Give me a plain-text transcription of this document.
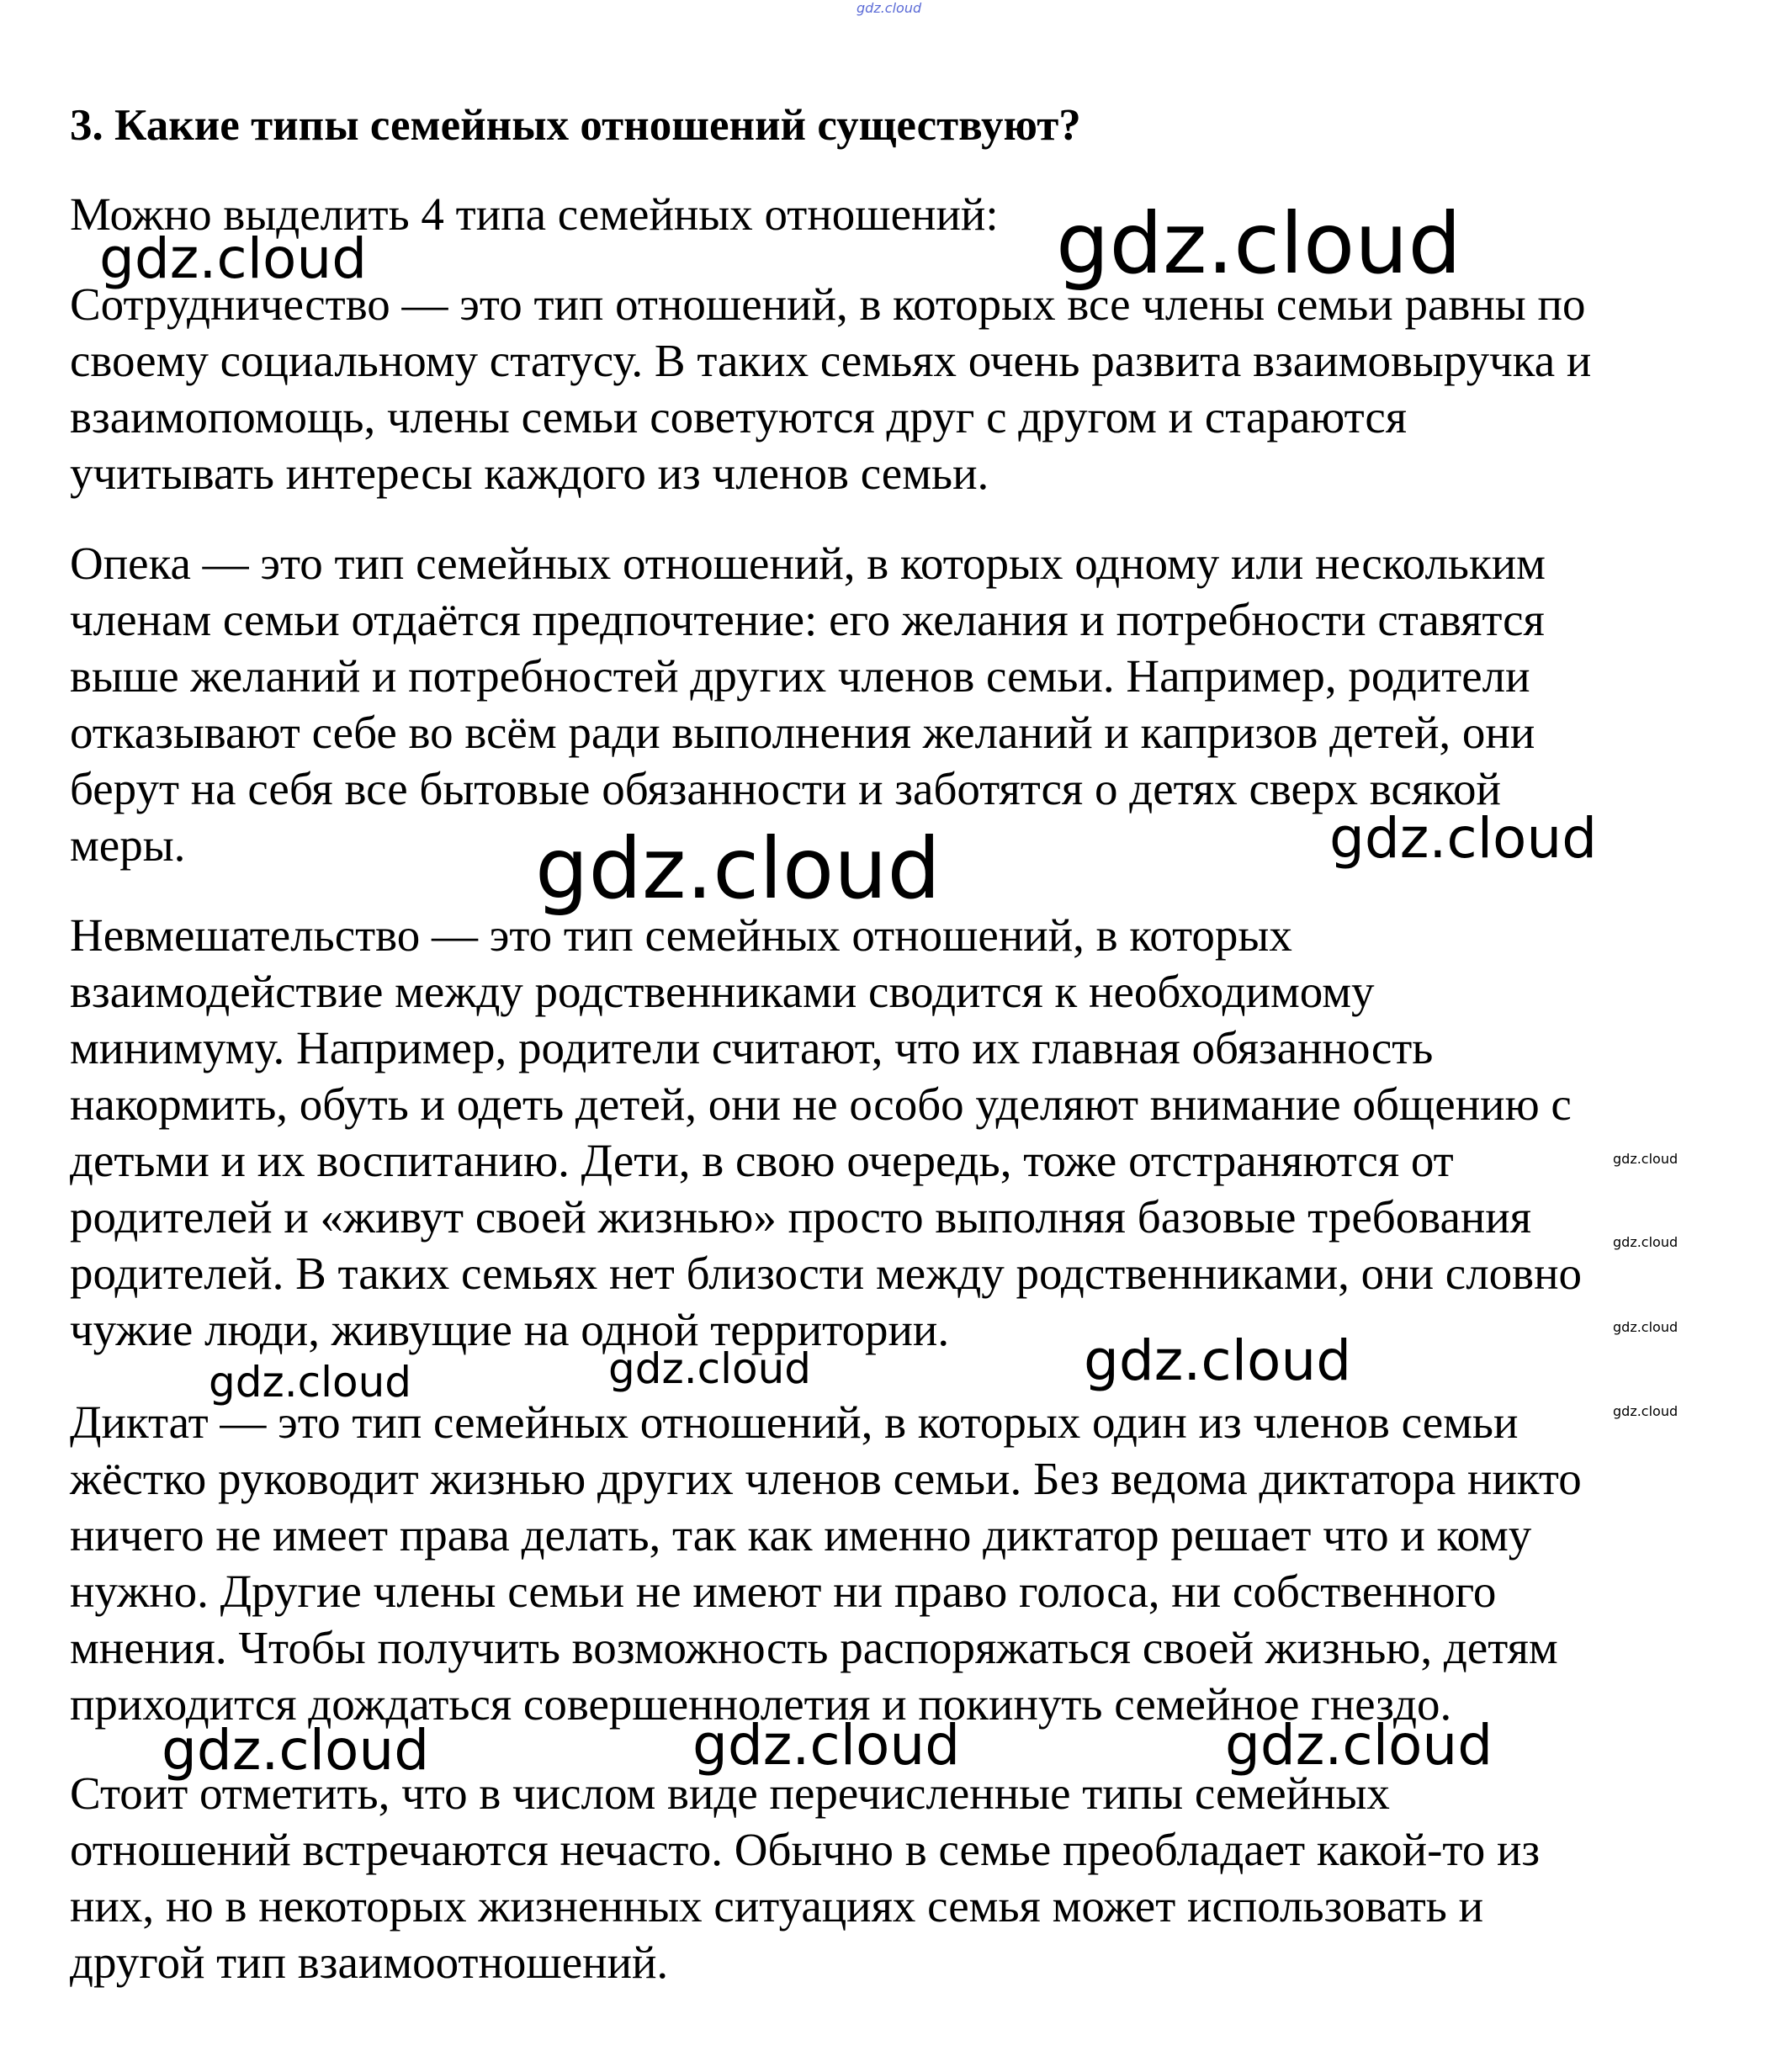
gdz.cloud
3. Какие типы семейных отношений существуют?

Можно выделить 4 типа семейных отношений:

Сотрудничество — это тип отношений, в которых все члены семьи равны по
своему социальному статусу. В таких семьях очень развита взаимовыручка и
взаимопомощь, члены семьи советуются друг с другом и стараются
учитывать интересы каждого из членов семьи.

Опека — это тип семейных отношений, в которых одному или нескольким
членам семьи отдаётся предпочтение: его желания и потребности ставятся
выше желаний и потребностей других членов семьи. Например, родители
отказывают себе во всём ради выполнения желаний и капризов детей, они
берут на себя все бытовые обязанности и заботятся о детях сверх всякой
меры.

Невмешательство — это тип семейных отношений, в которых
взаимодействие между родственниками сводится к необходимому
минимуму. Например, родители считают, что их главная обязанность
накормить, обуть и одеть детей, они не особо уделяют внимание общению с
детьми и их воспитанию. Дети, в свою очередь, тоже отстраняются от
родителей и «живут своей жизнью» просто выполняя базовые требования
родителей. В таких семьях нет близости между родственниками, они словно
чужие люди, живущие на одной территории.

Диктат — это тип семейных отношений, в которых один из членов семьи
жёстко руководит жизнью других членов семьи. Без ведома диктатора никто
ничего не имеет права делать, так как именно диктатор решает что и кому
нужно. Другие члены семьи не имеют ни право голоса, ни собственного
мнения. Чтобы получить возможность распоряжаться своей жизнью, детям
приходится дождаться совершеннолетия и покинуть семейное гнездо.

Стоит отметить, что в числом виде перечисленные типы семейных
отношений встречаются нечасто. Обычно в семье преобладает какой-то из
них, но в некоторых жизненных ситуациях семья может использовать и
другой тип взаимоотношений.

gdz.cloud	gdz.cloud
gdz.cloud	gdz.cloud
gdz.cloud
gdz.cloud
gdz.cloud
gdz.cloud
gdz.cloud
gdz.cloud	gdz.cloud
gdz.cloud	gdz.cloud	gdz.cloud
